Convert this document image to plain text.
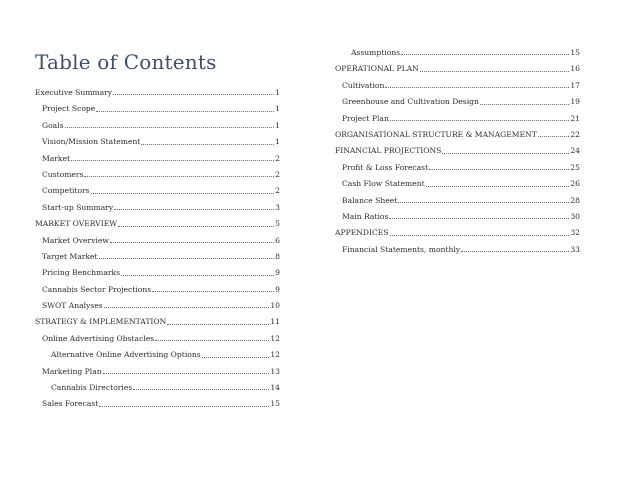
Table of Contents
Executive Summary	1
Project Scope	1
Goals	1
Vision/Mission Statement	1
Market	2
Customers	2
Competitors	2
Start-up Summary	3
MARKET OVERVIEW	5
Market Overview	6
Target Market	8
Pricing Benchmarks	9
Cannabis Sector Projections	9
SWOT Analyses	10
STRATEGY & IMPLEMENTATION	11
Online Advertising Obstacles	12
Alternative Online Advertising Options	12
Marketing Plan	13
Cannabis Directories	14
Sales Forecast	15
Assumptions	15
OPERATIONAL PLAN	16
Cultivation	17
Greenhouse and Cultivation Design	19
Project Plan	21
ORGANISATIONAL STRUCTURE & MANAGEMENT	22
FINANCIAL PROJECTIONS	24
Profit & Loss Forecast	25
Cash Flow Statement	26
Balance Sheet	28
Main Ratios	30
APPENDICES	32
Financial Statements, monthly	33
